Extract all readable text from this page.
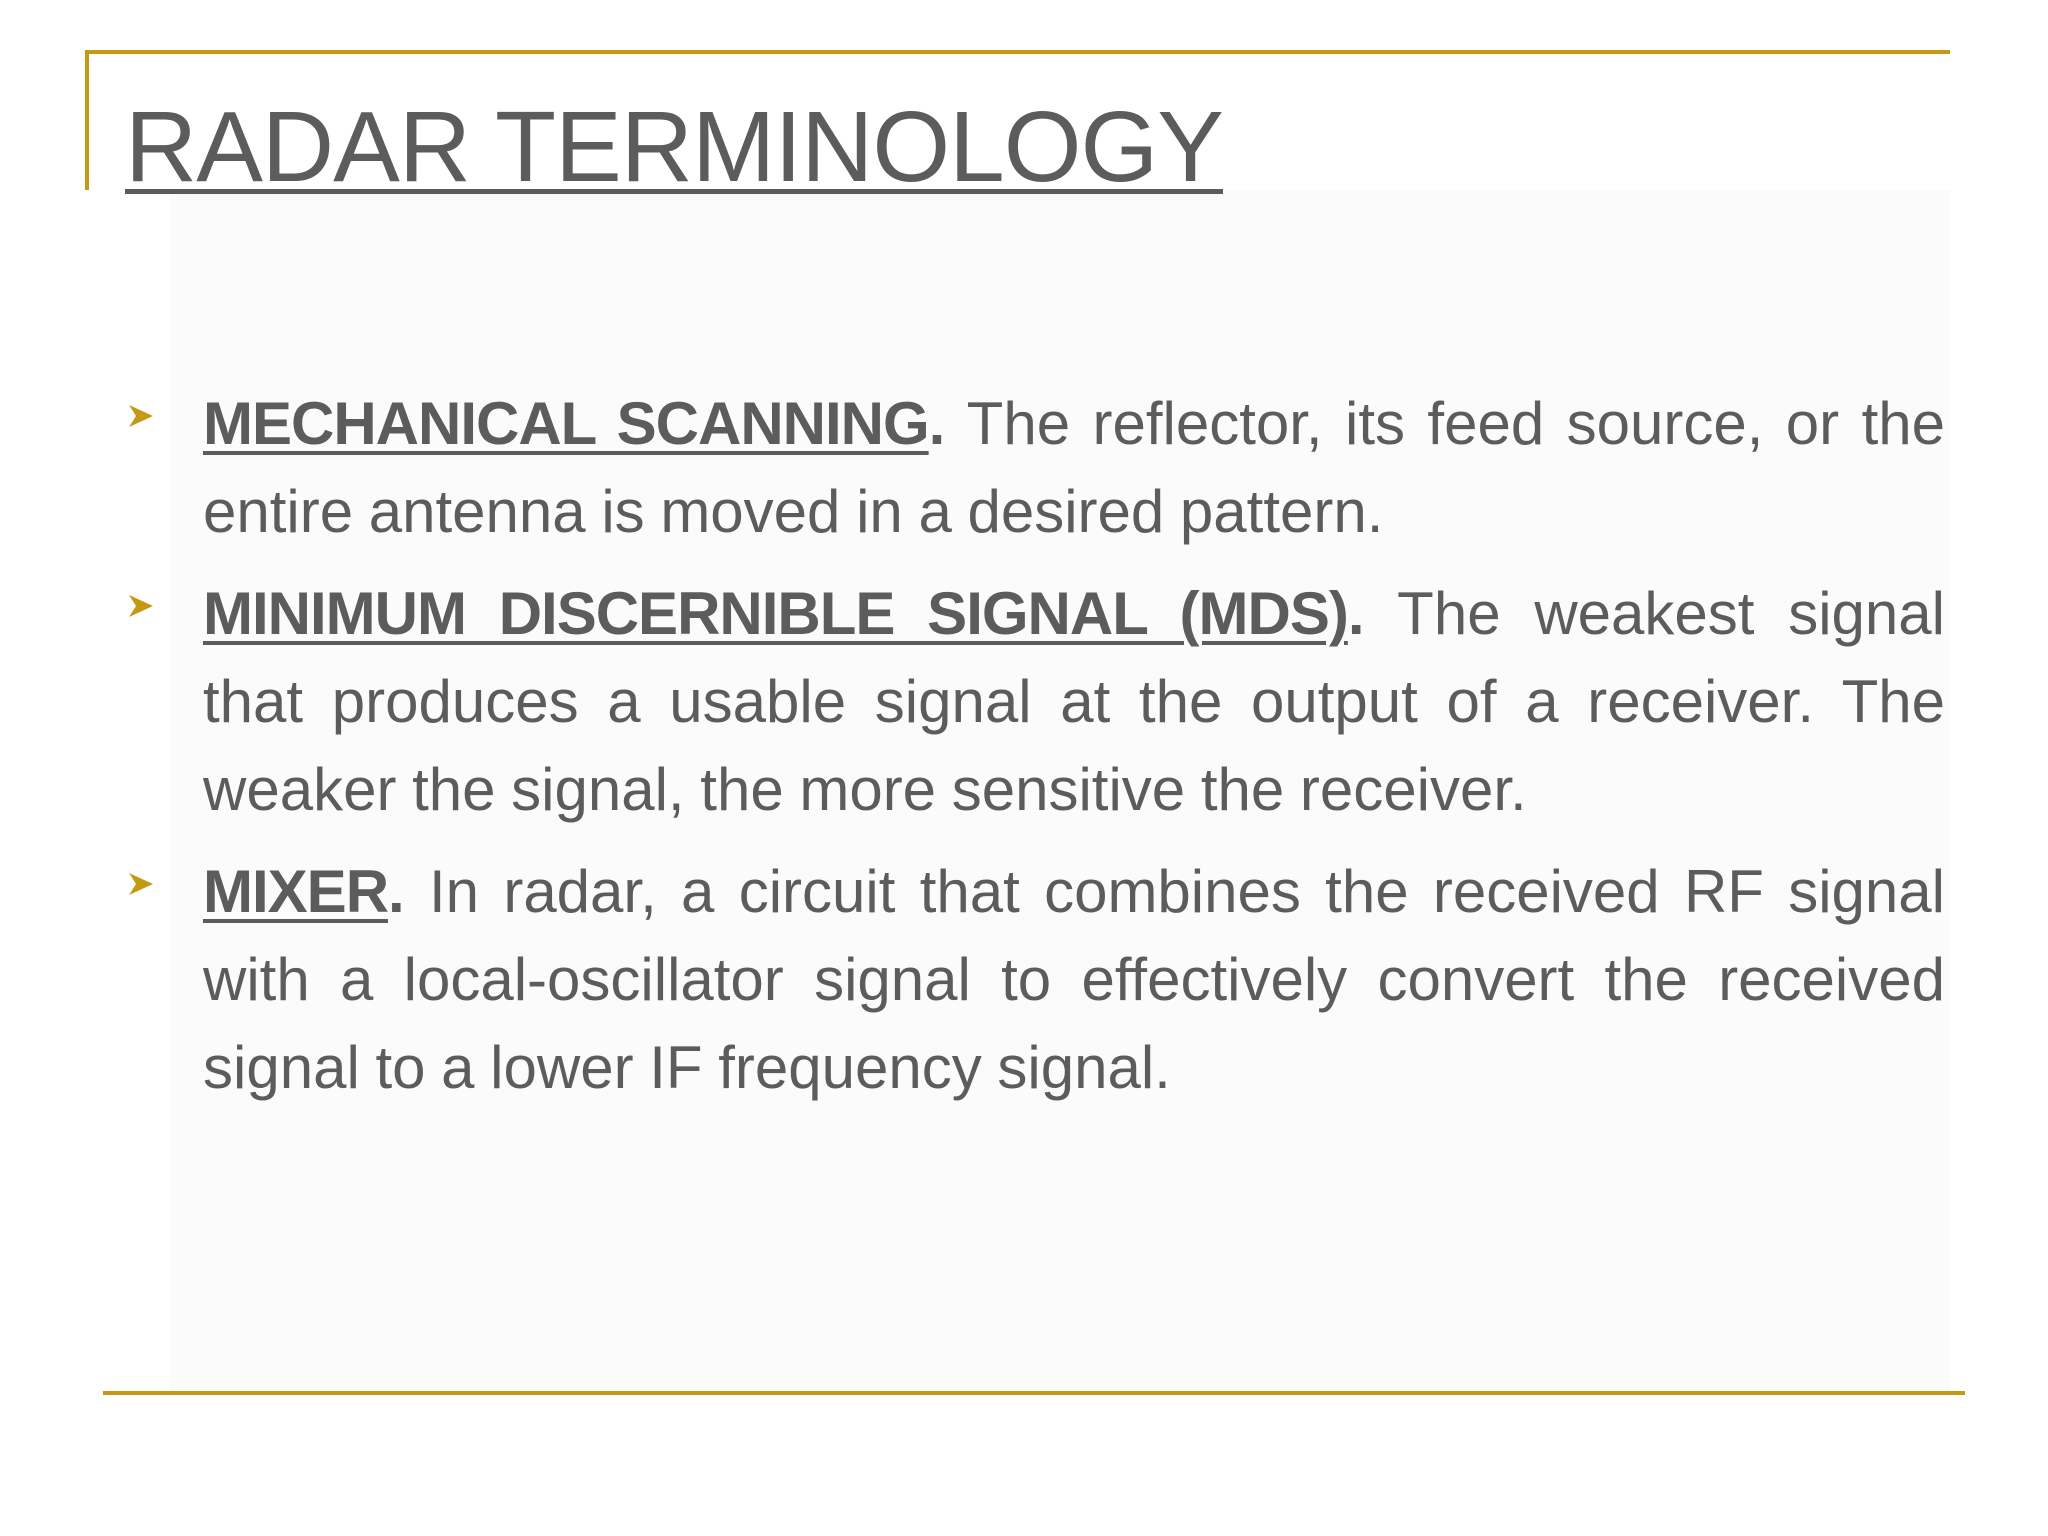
RADAR TERMINOLOGY

MECHANICAL SCANNING. The reflector, its feed source, or the entire antenna is moved in a desired pattern.

MINIMUM DISCERNIBLE SIGNAL (MDS). The weakest signal that produces a usable signal at the output of a receiver. The weaker the signal, the more sensitive the receiver.

MIXER. In radar, a circuit that combines the received RF signal with a local-oscillator signal to effectively convert the received signal to a lower IF frequency signal.
